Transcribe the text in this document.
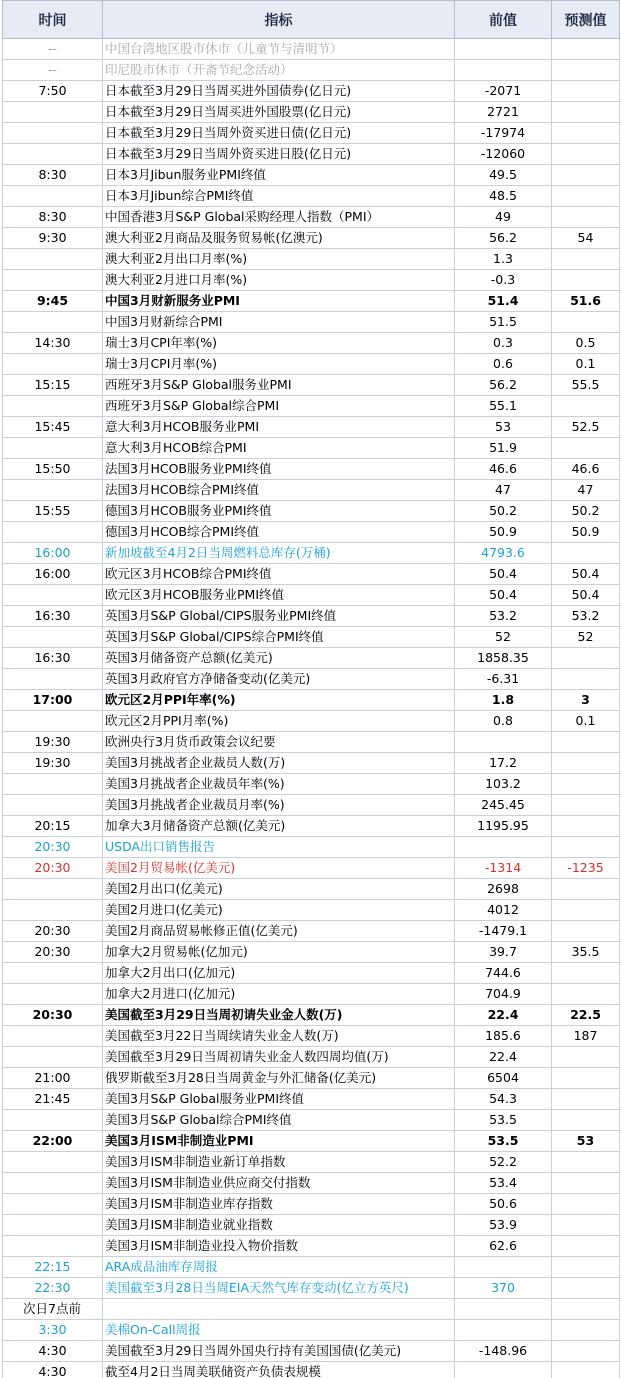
时间	指标	前值	预测值
--	中国台湾地区股市休市（儿童节与清明节）		
--	印尼股市休市（开斋节纪念活动）		
7:50	日本截至3月29日当周买进外国债券(亿日元)	-2071	
	日本截至3月29日当周买进外国股票(亿日元)	2721	
	日本截至3月29日当周外资买进日债(亿日元)	-17974	
	日本截至3月29日当周外资买进日股(亿日元)	-12060	
8:30	日本3月Jibun服务业PMI终值	49.5	
	日本3月Jibun综合PMI终值	48.5	
8:30	中国香港3月S&P Global采购经理人指数（PMI）	49	
9:30	澳大利亚2月商品及服务贸易帐(亿澳元)	56.2	54
	澳大利亚2月出口月率(%)	1.3	
	澳大利亚2月进口月率(%)	-0.3	
9:45	中国3月财新服务业PMI	51.4	51.6
	中国3月财新综合PMI	51.5	
14:30	瑞士3月CPI年率(%)	0.3	0.5
	瑞士3月CPI月率(%)	0.6	0.1
15:15	西班牙3月S&P Global服务业PMI	56.2	55.5
	西班牙3月S&P Global综合PMI	55.1	
15:45	意大利3月HCOB服务业PMI	53	52.5
	意大利3月HCOB综合PMI	51.9	
15:50	法国3月HCOB服务业PMI终值	46.6	46.6
	法国3月HCOB综合PMI终值	47	47
15:55	德国3月HCOB服务业PMI终值	50.2	50.2
	德国3月HCOB综合PMI终值	50.9	50.9
16:00	新加坡截至4月2日当周燃料总库存(万桶)	4793.6	
16:00	欧元区3月HCOB综合PMI终值	50.4	50.4
	欧元区3月HCOB服务业PMI终值	50.4	50.4
16:30	英国3月S&P Global/CIPS服务业PMI终值	53.2	53.2
	英国3月S&P Global/CIPS综合PMI终值	52	52
16:30	英国3月储备资产总额(亿美元)	1858.35	
	英国3月政府官方净储备变动(亿美元)	-6.31	
17:00	欧元区2月PPI年率(%)	1.8	3
	欧元区2月PPI月率(%)	0.8	0.1
19:30	欧洲央行3月货币政策会议纪要		
19:30	美国3月挑战者企业裁员人数(万)	17.2	
	美国3月挑战者企业裁员年率(%)	103.2	
	美国3月挑战者企业裁员月率(%)	245.45	
20:15	加拿大3月储备资产总额(亿美元)	1195.95	
20:30	USDA出口销售报告		
20:30	美国2月贸易帐(亿美元)	-1314	-1235
	美国2月出口(亿美元)	2698	
	美国2月进口(亿美元)	4012	
20:30	美国2月商品贸易帐修正值(亿美元)	-1479.1	
20:30	加拿大2月贸易帐(亿加元)	39.7	35.5
	加拿大2月出口(亿加元)	744.6	
	加拿大2月进口(亿加元)	704.9	
20:30	美国截至3月29日当周初请失业金人数(万)	22.4	22.5
	美国截至3月22日当周续请失业金人数(万)	185.6	187
	美国截至3月29日当周初请失业金人数四周均值(万)	22.4	
21:00	俄罗斯截至3月28日当周黄金与外汇储备(亿美元)	6504	
21:45	美国3月S&P Global服务业PMI终值	54.3	
	美国3月S&P Global综合PMI终值	53.5	
22:00	美国3月ISM非制造业PMI	53.5	53
	美国3月ISM非制造业新订单指数	52.2	
	美国3月ISM非制造业供应商交付指数	53.4	
	美国3月ISM非制造业库存指数	50.6	
	美国3月ISM非制造业就业指数	53.9	
	美国3月ISM非制造业投入物价指数	62.6	
22:15	ARA成品油库存周报		
22:30	美国截至3月28日当周EIA天然气库存变动(亿立方英尺)	370	
次日7点前			
3:30	美棉On-Call周报		
4:30	美国截至3月29日当周外国央行持有美国国债(亿美元)	-148.96	
4:30	截至4月2日当周美联储资产负债表规模		
